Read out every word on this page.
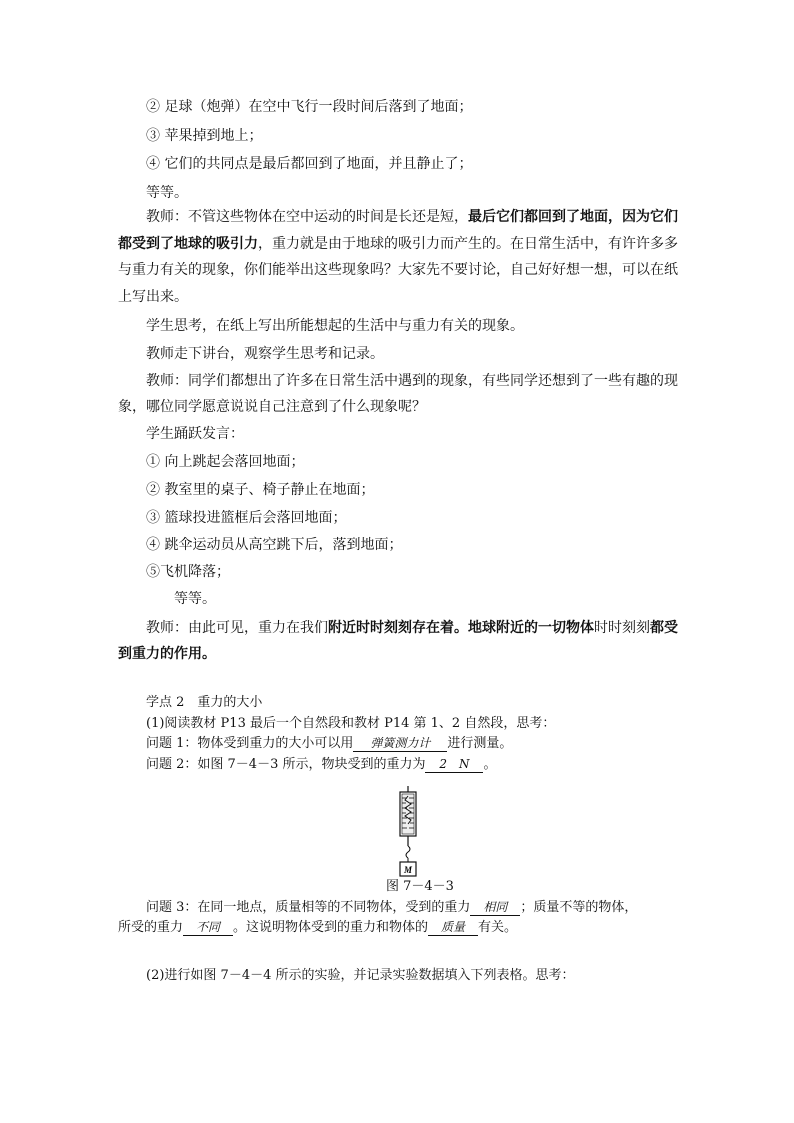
② 足球（炮弹）在空中飞行一段时间后落到了地面；
③ 苹果掉到地上；
④ 它们的共同点是最后都回到了地面，并且静止了；
等等。
教师：不管这些物体在空中运动的时间是长还是短，最后它们都回到了地面，因为它们
都受到了地球的吸引力，重力就是由于地球的吸引力而产生的。在日常生活中，有许许多多
与重力有关的现象，你们能举出这些现象吗？大家先不要讨论，自己好好想一想，可以在纸
上写出来。
学生思考，在纸上写出所能想起的生活中与重力有关的现象。
教师走下讲台，观察学生思考和记录。
教师：同学们都想出了许多在日常生活中遇到的现象，有些同学还想到了一些有趣的现
象，哪位同学愿意说说自己注意到了什么现象呢？
学生踊跃发言：
① 向上跳起会落回地面；
② 教室里的桌子、椅子静止在地面；
③ 篮球投进篮框后会落回地面；
④ 跳伞运动员从高空跳下后，落到地面；
⑤飞机降落；
等等。
教师：由此可见，重力在我们附近时时刻刻存在着。地球附近的一切物体时时刻刻都受
到重力的作用。
学点 2　重力的大小
(1)阅读教材 P13 最后一个自然段和教材 P14 第 1、2 自然段，思考：
问题 1：物体受到重力的大小可以用 弹簧测力计 进行测量。
问题 2：如图 7－4－3 所示，物块受到的重力为 2　N 。
M
图 7－4－3
问题 3：在同一地点，质量相等的不同物体，受到的重力 相同 ；质量不等的物体，
所受的重力 不同 。这说明物体受到的重力和物体的 质量 有关。
(2)进行如图 7－4－4 所示的实验，并记录实验数据填入下列表格。思考：
